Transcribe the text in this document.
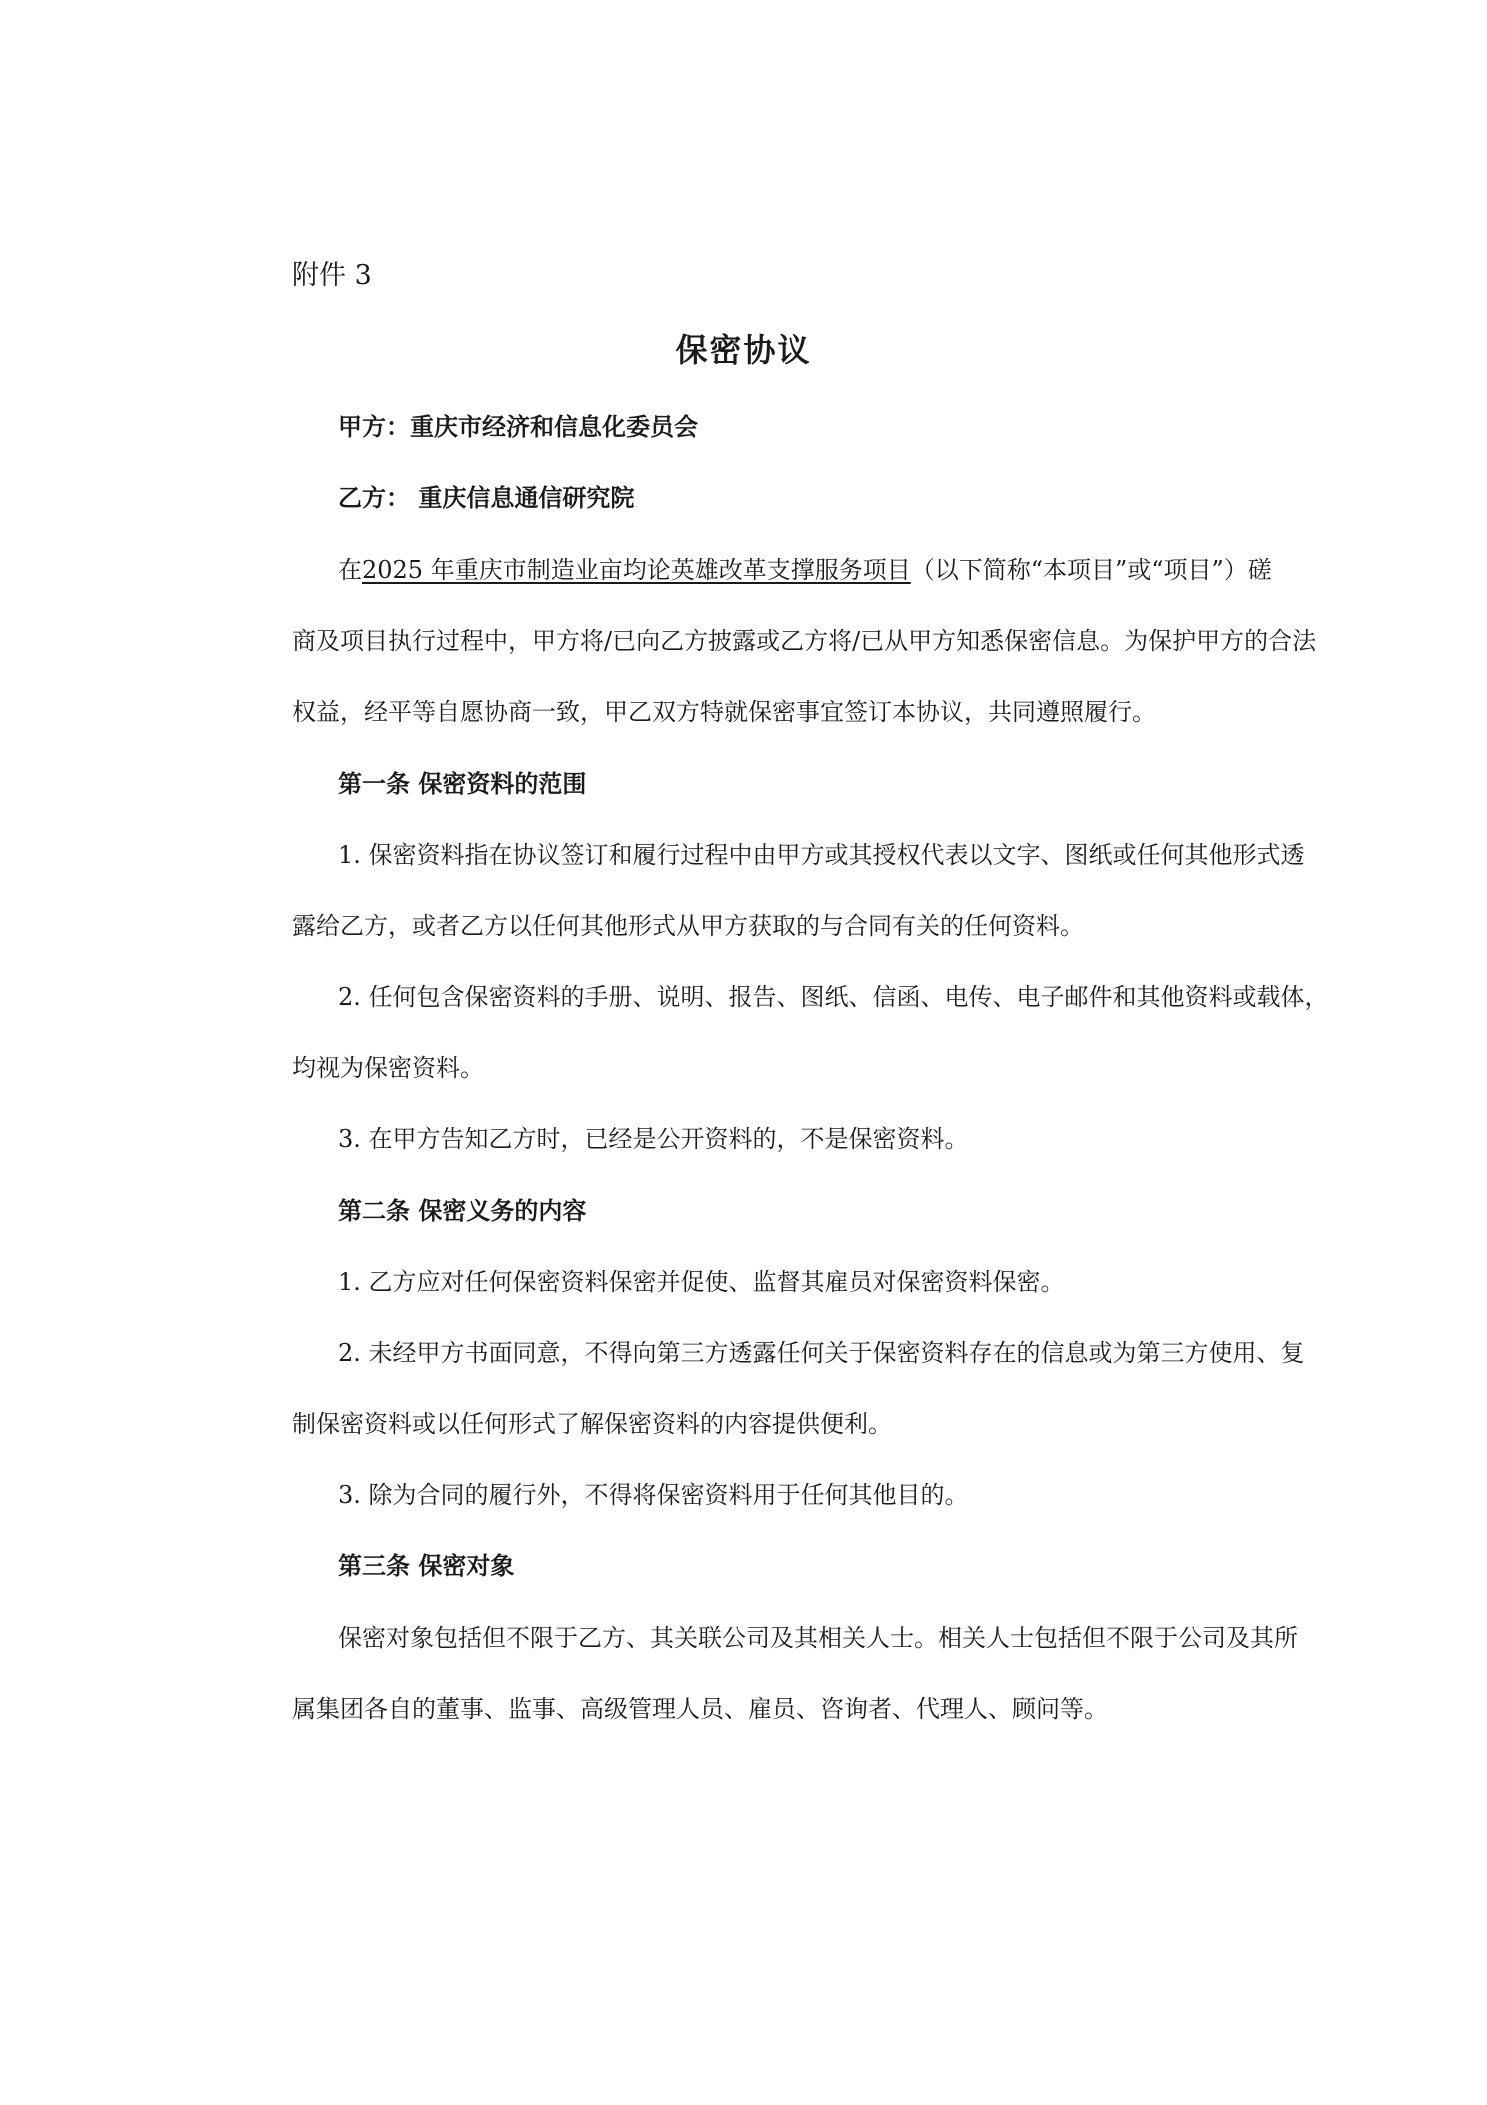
附件 3
保密协议
甲方：重庆市经济和信息化委员会
乙方： 重庆信息通信研究院
在2025 年重庆市制造业亩均论英雄改革支撑服务项目（以下简称“本项目”或“项目”）磋
商及项目执行过程中，甲方将/已向乙方披露或乙方将/已从甲方知悉保密信息。为保护甲方的合法
权益，经平等自愿协商一致，甲乙双方特就保密事宜签订本协议，共同遵照履行。
第一条 保密资料的范围
1. 保密资料指在协议签订和履行过程中由甲方或其授权代表以文字、图纸或任何其他形式透
露给乙方，或者乙方以任何其他形式从甲方获取的与合同有关的任何资料。
2. 任何包含保密资料的手册、说明、报告、图纸、信函、电传、电子邮件和其他资料或载体，
均视为保密资料。
3. 在甲方告知乙方时，已经是公开资料的，不是保密资料。
第二条 保密义务的内容
1. 乙方应对任何保密资料保密并促使、监督其雇员对保密资料保密。
2. 未经甲方书面同意，不得向第三方透露任何关于保密资料存在的信息或为第三方使用、复
制保密资料或以任何形式了解保密资料的内容提供便利。
3. 除为合同的履行外，不得将保密资料用于任何其他目的。
第三条 保密对象
保密对象包括但不限于乙方、其关联公司及其相关人士。相关人士包括但不限于公司及其所
属集团各自的董事、监事、高级管理人员、雇员、咨询者、代理人、顾问等。
